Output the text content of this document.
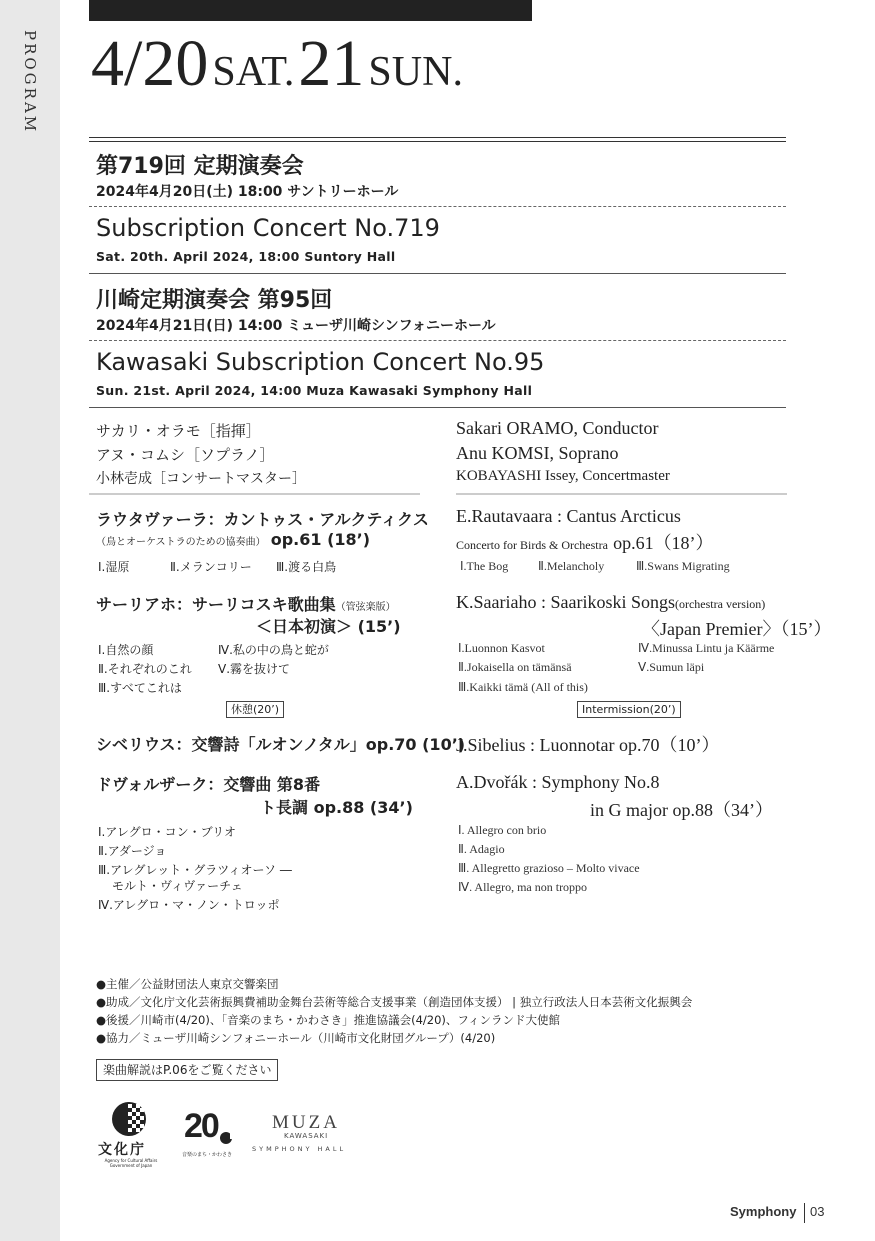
PROGRAM 4/20 SAT. 21 SUN.
第719回 定期演奏会
2024年4月20日(土) 18:00 サントリーホール
Subscription Concert No.719
Sat. 20th. April 2024, 18:00 Suntory Hall
川崎定期演奏会 第95回
2024年4月21日(日) 14:00 ミューザ川崎シンフォニーホール
Kawasaki Subscription Concert No.95
Sun. 21st. April 2024, 14:00 Muza Kawasaki Symphony Hall
サカリ・オラモ［指揮］
アヌ・コムシ［ソプラノ］
小林壱成［コンサートマスター］
Sakari ORAMO, Conductor
Anu KOMSI, Soprano
KOBAYASHI Issey, Concertmaster
ラウタヴァーラ：カントゥス・アルクティクス
（鳥とオーケストラのための協奏曲） op.61 (18’)
Ⅰ.湿原	Ⅱ.メランコリー Ⅲ.渡る白鳥
E.Rautavaara : Cantus Arcticus
Concerto for Birds & Orchestra op.61（18’）
Ⅰ.The Bog Ⅱ.Melancholy	Ⅲ.Swans Migrating
サーリアホ：サーリコスキ歌曲集（管弦楽版）
＜日本初演＞ (15’)
Ⅰ.自然の顔	Ⅳ.私の中の鳥と蛇が
Ⅱ.それぞれのこれ Ⅴ.霧を抜けて
Ⅲ.すべてこれは
休憩(20’)
K.Saariaho : Saarikoski Songs(orchestra version)
〈Japan Premier〉（15’）
Ⅰ.Luonnon Kasvot	Ⅳ.Minussa Lintu ja Käärme
Ⅱ.Jokaisella on tämänsä	Ⅴ.Sumun läpi
Ⅲ.Kaikki tämä (All of this)
Intermission(20’)
シベリウス：交響詩「ルオンノタル」op.70 (10’)
J.Sibelius : Luonnotar op.70（10’）
ドヴォルザーク：交響曲 第8番
ト長調 op.88 (34’)
Ⅰ.アレグロ・コン・ブリオ
Ⅱ.アダージョ
Ⅲ.アレグレット・グラツィオーソ ―
モルト・ヴィヴァーチェ
Ⅳ.アレグロ・マ・ノン・トロッポ
A.Dvořák : Symphony No.8
in G major op.88（34’）
Ⅰ. Allegro con brio
Ⅱ. Adagio
Ⅲ. Allegretto grazioso – Molto vivace
Ⅳ. Allegro, ma non troppo
●主催／公益財団法人東京交響楽団
●助成／文化庁文化芸術振興費補助金舞台芸術等総合支援事業（創造団体支援） | 独立行政法人日本芸術文化振興会
●後援／川崎市(4/20)、「音楽のまち・かわさき」推進協議会(4/20)、フィンランド大使館
●協力／ミューザ川崎シンフォニーホール（川崎市文化財団グループ）(4/20)
楽曲解説はP.06をご覧ください
文化庁
Agency for Cultural Affairs Government of Japan
20
音楽のまち・かわさき
MUZA
KAWASAKI
SYMPHONY HALL
Symphony 03
